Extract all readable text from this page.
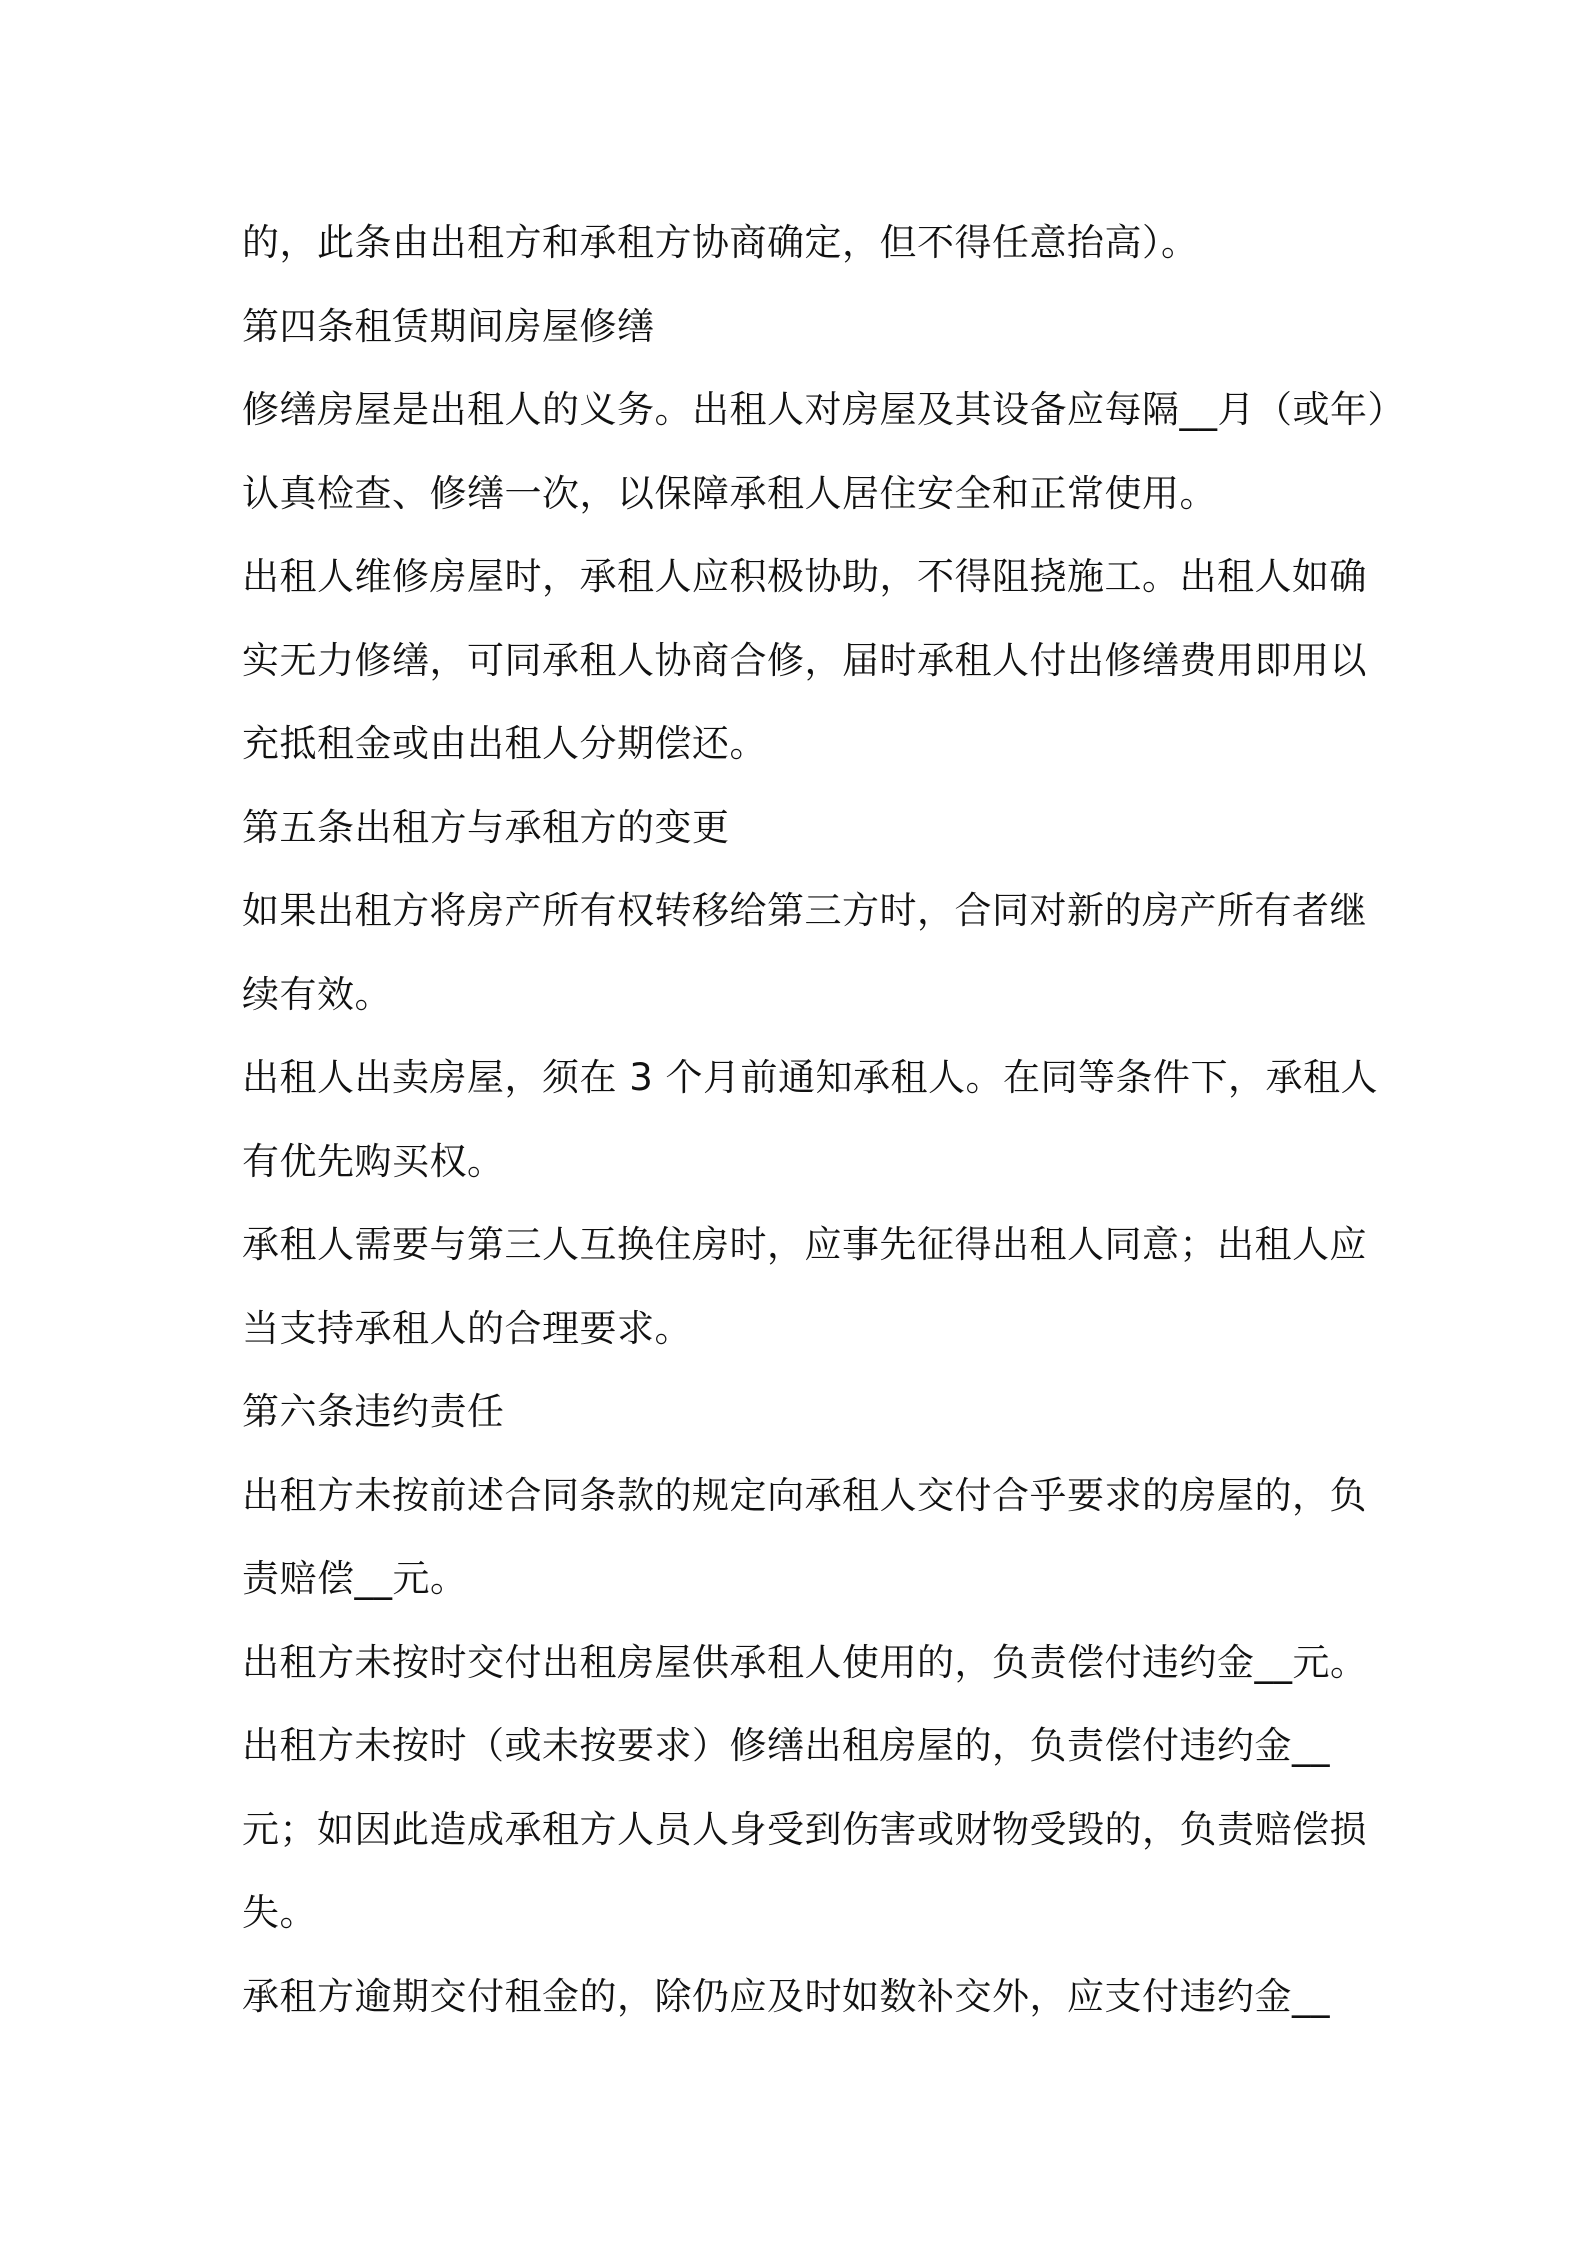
的，此条由出租方和承租方协商确定，但不得任意抬高）。
第四条租赁期间房屋修缮
修缮房屋是出租人的义务。出租人对房屋及其设备应每隔__月（或年）
认真检查、修缮一次，以保障承租人居住安全和正常使用。
出租人维修房屋时，承租人应积极协助，不得阻挠施工。出租人如确
实无力修缮，可同承租人协商合修，届时承租人付出修缮费用即用以
充抵租金或由出租人分期偿还。
第五条出租方与承租方的变更
如果出租方将房产所有权转移给第三方时，合同对新的房产所有者继
续有效。
出租人出卖房屋，须在 3 个月前通知承租人。在同等条件下，承租人
有优先购买权。
承租人需要与第三人互换住房时，应事先征得出租人同意；出租人应
当支持承租人的合理要求。
第六条违约责任
出租方未按前述合同条款的规定向承租人交付合乎要求的房屋的，负
责赔偿__元。
出租方未按时交付出租房屋供承租人使用的，负责偿付违约金__元。
出租方未按时（或未按要求）修缮出租房屋的，负责偿付违约金__
元；如因此造成承租方人员人身受到伤害或财物受毁的，负责赔偿损
失。
承租方逾期交付租金的，除仍应及时如数补交外，应支付违约金__
